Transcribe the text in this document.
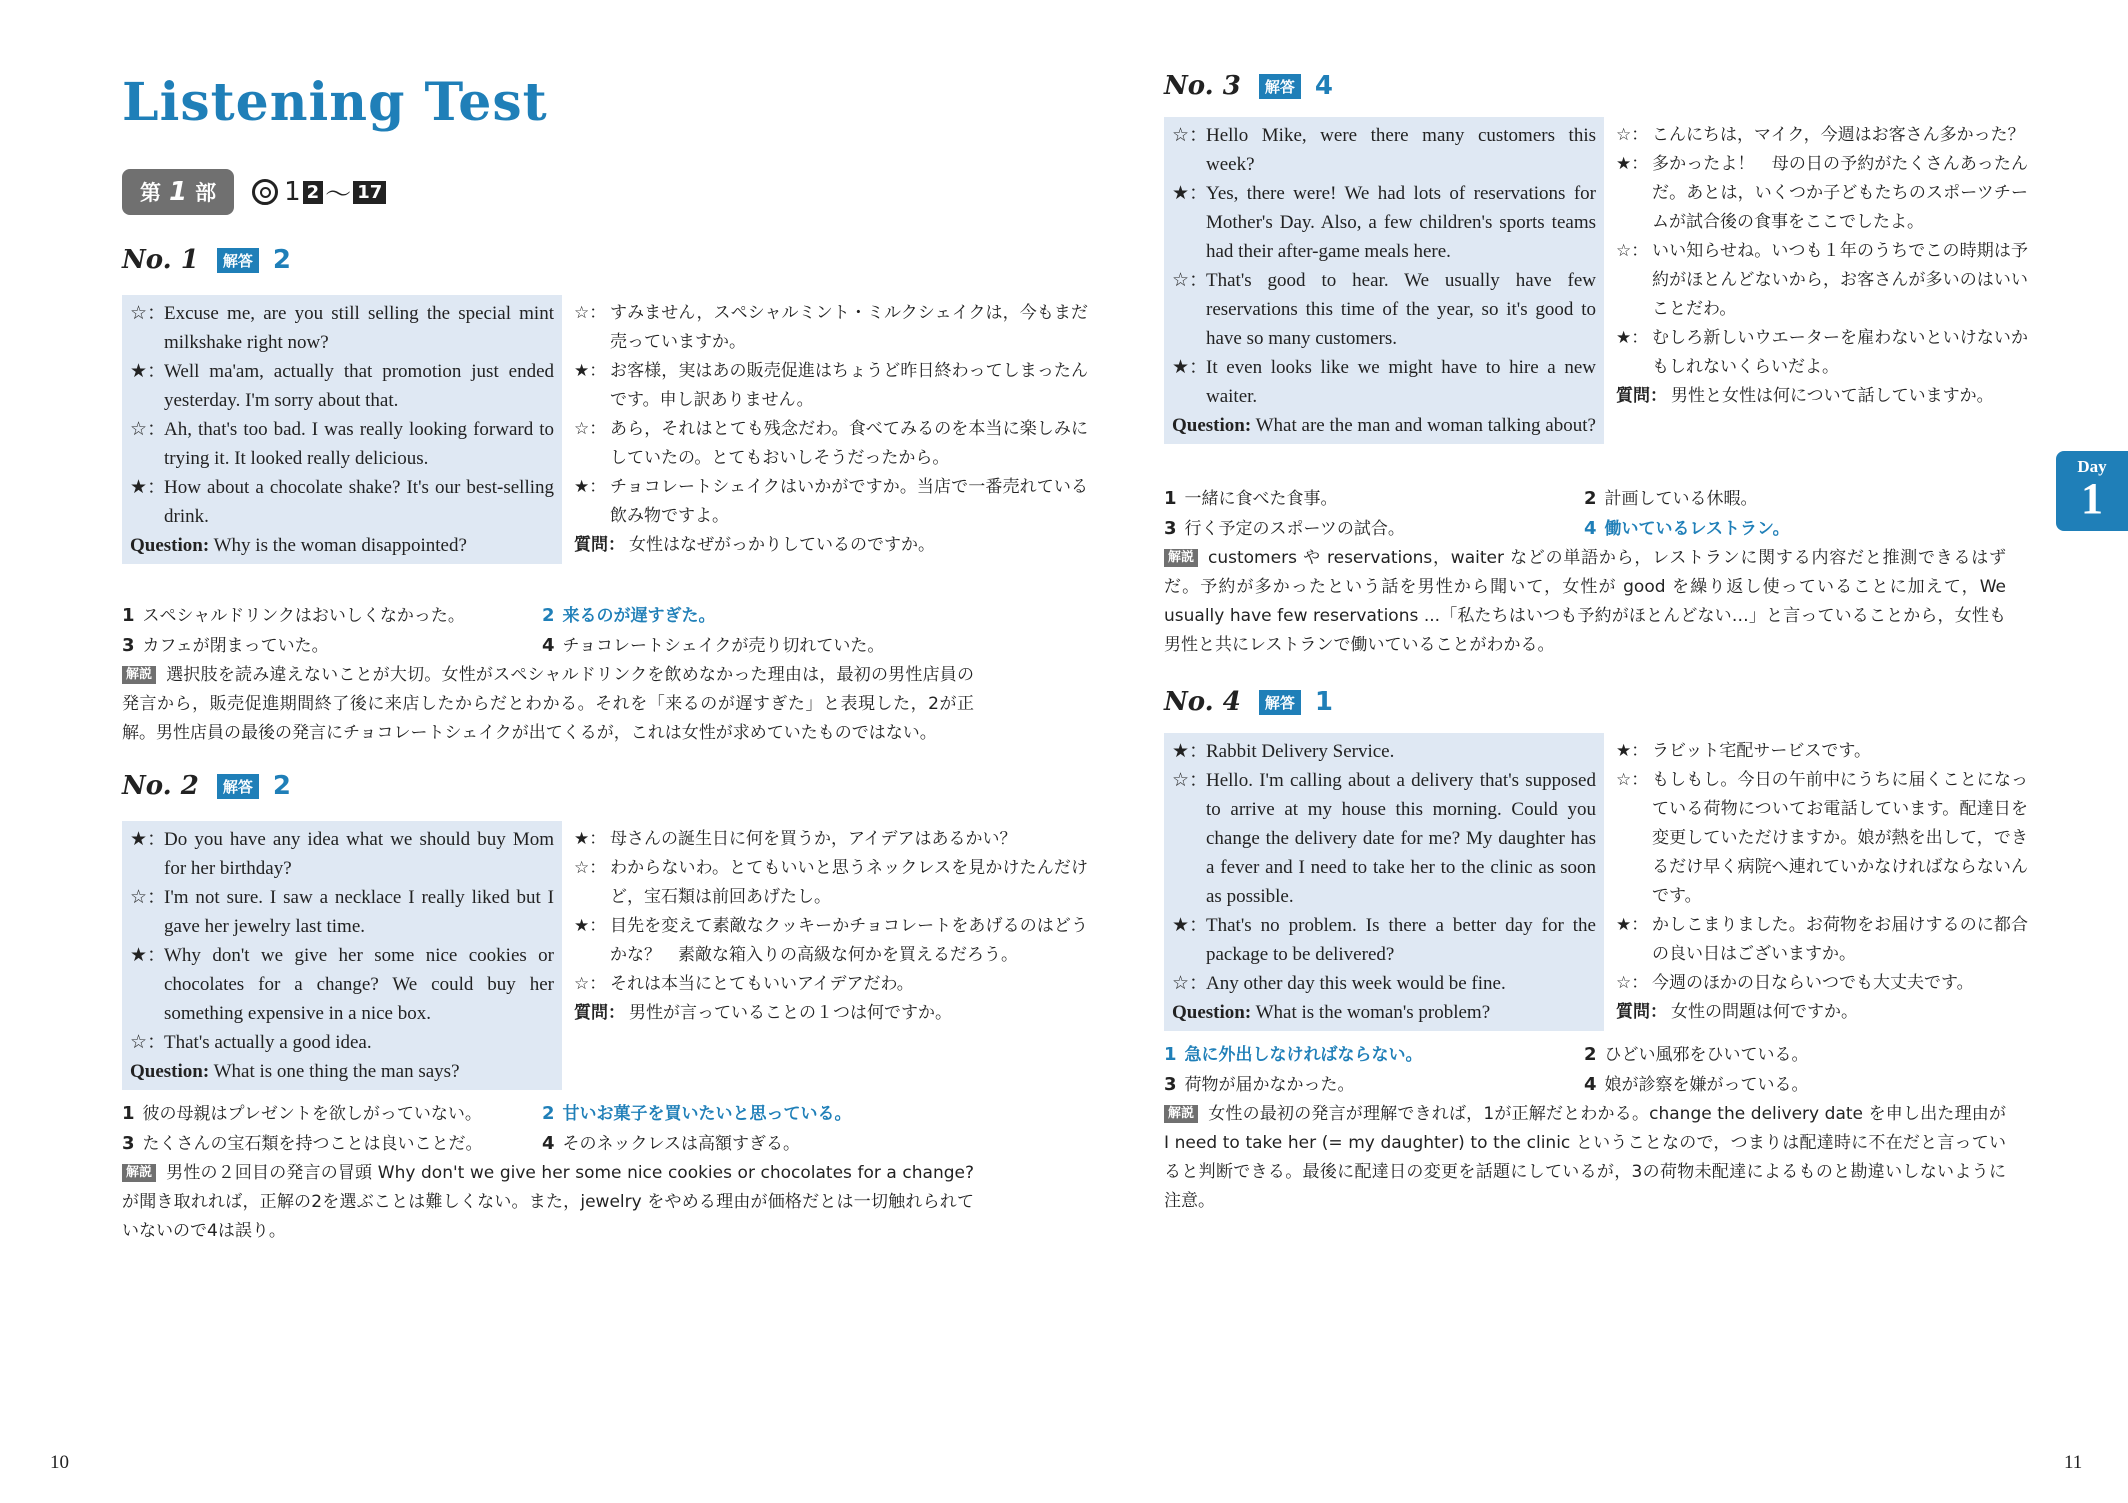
Listening Test
第 1 部	1 2 〜 17
No. 1	解答 2
☆：
Excuse me, are you still selling the special mint milkshake right now?
★：
Well ma'am, actually that promotion just ended yesterday. I'm sorry about that.
☆：
Ah, that's too bad. I was really looking forward to trying it. It looked really delicious.
★：
How about a chocolate shake? It's our best-selling drink.
Question: Why is the woman disappointed?
☆： すみません，スペシャルミント・ミルクシェイクは，今もまだ売っていますか。
★： お客様，実はあの販売促進はちょうど昨日終わってしまったんです。申し訳ありません。
☆： あら，それはとても残念だわ。食べてみるのを本当に楽しみにしていたの。とてもおいしそうだったから。
★： チョコレートシェイクはいかがですか。当店で一番売れている飲み物ですよ。
質問： 女性はなぜがっかりしているのですか。
1 スペシャルドリンクはおいしくなかった。	2 来るのが遅すぎた。
3 カフェが閉まっていた。	4 チョコレートシェイクが売り切れていた。
解説 選択肢を読み違えないことが大切。女性がスペシャルドリンクを飲めなかった理由は，最初の男性店員の発言から，販売促進期間終了後に来店したからだとわかる。それを「来るのが遅すぎた」と表現した，2が正解。男性店員の最後の発言にチョコレートシェイクが出てくるが，これは女性が求めていたものではない。
No. 2	解答 2
★：
Do you have any idea what we should buy Mom for her birthday?
☆：
I'm not sure. I saw a necklace I really liked but I gave her jewelry last time.
★：
Why don't we give her some nice cookies or chocolates for a change? We could buy her something expensive in a nice box.
☆：
That's actually a good idea.
Question: What is one thing the man says?
★： 母さんの誕生日に何を買うか，アイデアはあるかい？
☆： わからないわ。とてもいいと思うネックレスを見かけたんだけど，宝石類は前回あげたし。
★： 目先を変えて素敵なクッキーかチョコレートをあげるのはどうかな？　素敵な箱入りの高級な何かを買えるだろう。
☆： それは本当にとてもいいアイデアだわ。
質問： 男性が言っていることの１つは何ですか。
1 彼の母親はプレゼントを欲しがっていない。	2 甘いお菓子を買いたいと思っている。
3 たくさんの宝石類を持つことは良いことだ。	4 そのネックレスは高額すぎる。
解説 男性の２回目の発言の冒頭 Why don't we give her some nice cookies or chocolates for a change? が聞き取れれば，正解の2を選ぶことは難しくない。また，jewelry をやめる理由が価格だとは一切触れられていないので4は誤り。
10
No. 3	解答 4
☆：
Hello Mike, were there many customers this week?
★：
Yes, there were! We had lots of reservations for Mother's Day. Also, a few children's sports teams had their after-game meals here.
☆：
That's good to hear. We usually have few reservations this time of the year, so it's good to have so many customers.
★：
It even looks like we might have to hire a new waiter.
Question: What are the man and woman talking about?
☆： こんにちは，マイク，今週はお客さん多かった？
★： 多かったよ！　母の日の予約がたくさんあったんだ。あとは，いくつか子どもたちのスポーツチームが試合後の食事をここでしたよ。
☆： いい知らせね。いつも１年のうちでこの時期は予約がほとんどないから，お客さんが多いのはいいことだわ。
★： むしろ新しいウエーターを雇わないといけないかもしれないくらいだよ。
質問： 男性と女性は何について話していますか。
1 一緒に食べた食事。	2 計画している休暇。
3 行く予定のスポーツの試合。	4 働いているレストラン。
解説 customers や reservations，waiter などの単語から，レストランに関する内容だと推測できるはずだ。予約が多かったという話を男性から聞いて，女性が good を繰り返し使っていることに加えて，We usually have few reservations ...「私たちはいつも予約がほとんどない…」と言っていることから，女性も男性と共にレストランで働いていることがわかる。
No. 4	解答 1
★：
Rabbit Delivery Service.
☆：
Hello. I'm calling about a delivery that's supposed to arrive at my house this morning. Could you change the delivery date for me? My daughter has a fever and I need to take her to the clinic as soon as possible.
★：
That's no problem. Is there a better day for the package to be delivered?
☆：
Any other day this week would be fine.
Question: What is the woman's problem?
★： ラビット宅配サービスです。
☆： もしもし。今日の午前中にうちに届くことになっている荷物についてお電話しています。配達日を変更していただけますか。娘が熱を出して，できるだけ早く病院へ連れていかなければならないんです。
★： かしこまりました。お荷物をお届けするのに都合の良い日はございますか。
☆： 今週のほかの日ならいつでも大丈夫です。
質問： 女性の問題は何ですか。
1 急に外出しなければならない。	2 ひどい風邪をひいている。
3 荷物が届かなかった。	4 娘が診察を嫌がっている。
解説 女性の最初の発言が理解できれば，1が正解だとわかる。change the delivery date を申し出た理由が I need to take her (= my daughter) to the clinic ということなので，つまりは配達時に不在だと言っていると判断できる。最後に配達日の変更を話題にしているが，3の荷物未配達によるものと勘違いしないように注意。
11
Day
1
